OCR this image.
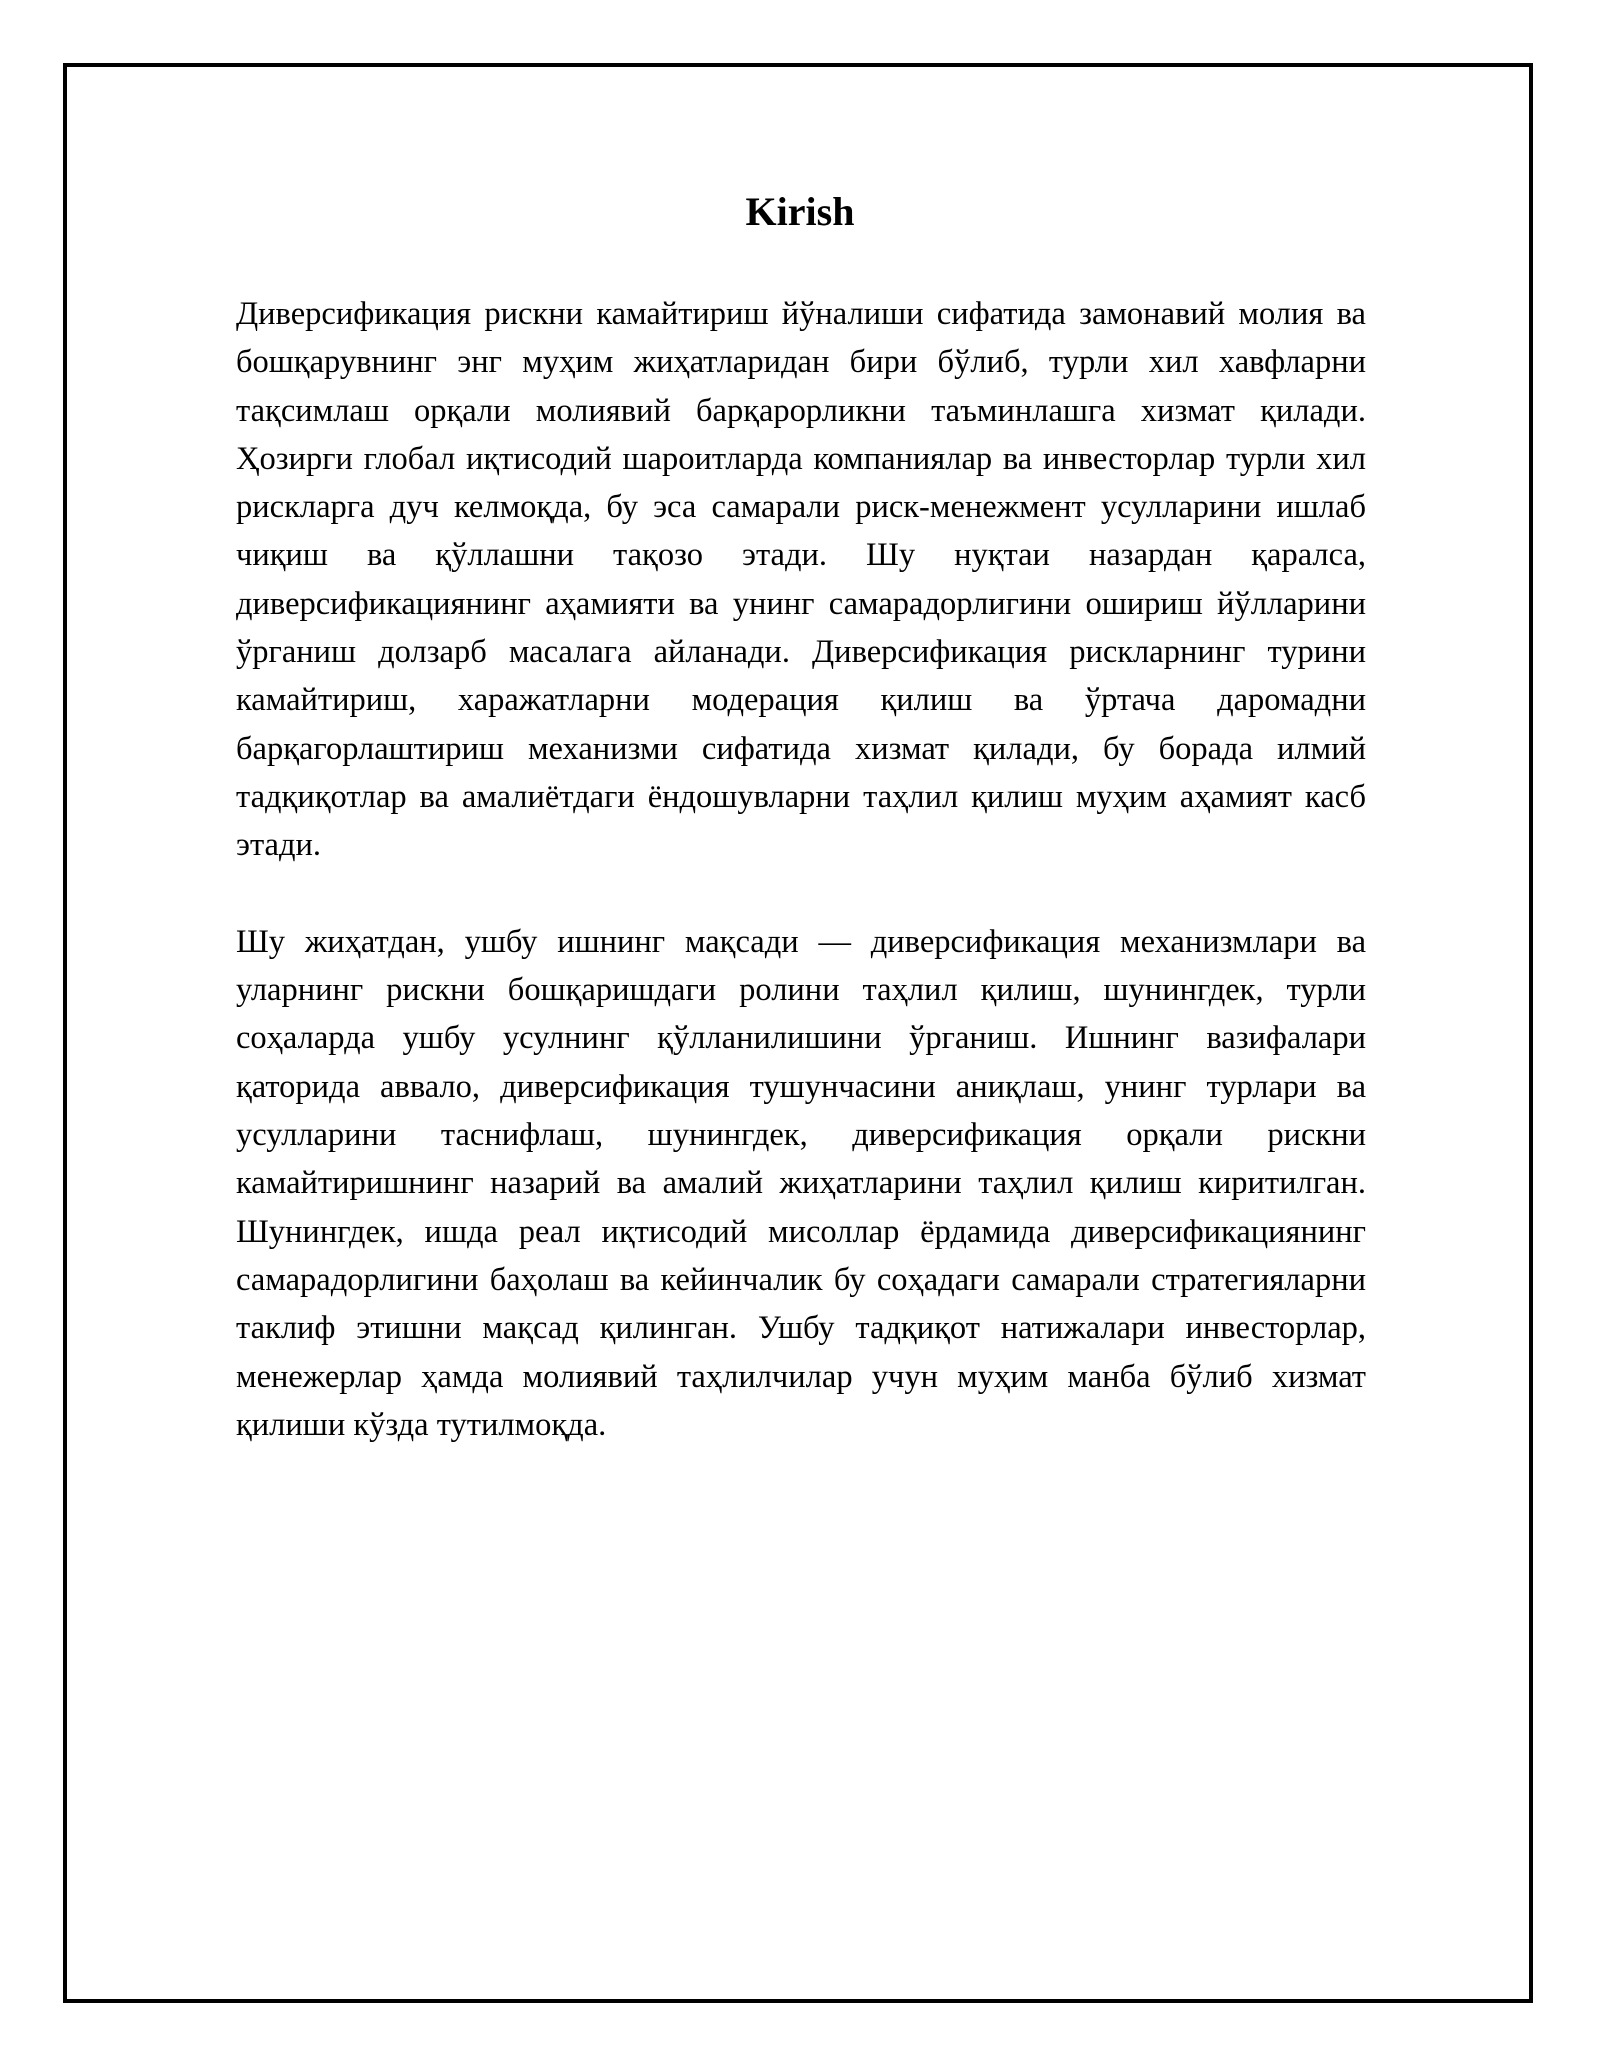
Kirish

Диверсификация рискни камайтириш йўналиши сифатида замонавий молия ва бошқарувнинг энг муҳим жиҳатларидан бири бўлиб, турли хил хавфларни тақсимлаш орқали молиявий барқарорликни таъминлашга хизмат қилади. Ҳозирги глобал иқтисодий шароитларда компаниялар ва инвесторлар турли хил рискларга дуч келмоқда, бу эса самарали риск-менежмент усулларини ишлаб чиқиш ва қўллашни тақозо этади. Шу нуқтаи назардан қаралса, диверсификациянинг аҳамияти ва унинг самарадорлигини ошириш йўлларини ўрганиш долзарб масалага айланади. Диверсификация рискларнинг турини камайтириш, харажатларни модерация қилиш ва ўртача даромадни барқагорлаштириш механизми сифатида хизмат қилади, бу борада илмий тадқиқотлар ва амалиётдаги ёндошувларни таҳлил қилиш муҳим аҳамият касб этади.

Шу жиҳатдан, ушбу ишнинг мақсади — диверсификация механизмлари ва уларнинг рискни бошқаришдаги ролини таҳлил қилиш, шунингдек, турли соҳаларда ушбу усулнинг қўлланилишини ўрганиш. Ишнинг вазифалари қаторида аввало, диверсификация тушунчасини аниқлаш, унинг турлари ва усулларини таснифлаш, шунингдек, диверсификация орқали рискни камайтиришнинг назарий ва амалий жиҳатларини таҳлил қилиш киритилган. Шунингдек, ишда реал иқтисодий мисоллар ёрдамида диверсификациянинг самарадорлигини баҳолаш ва кейинчалик бу соҳадаги самарали стратегияларни таклиф этишни мақсад қилинган. Ушбу тадқиқот натижалари инвесторлар, менежерлар ҳамда молиявий таҳлилчилар учун муҳим манба бўлиб хизмат қилиши кўзда тутилмоқда.
